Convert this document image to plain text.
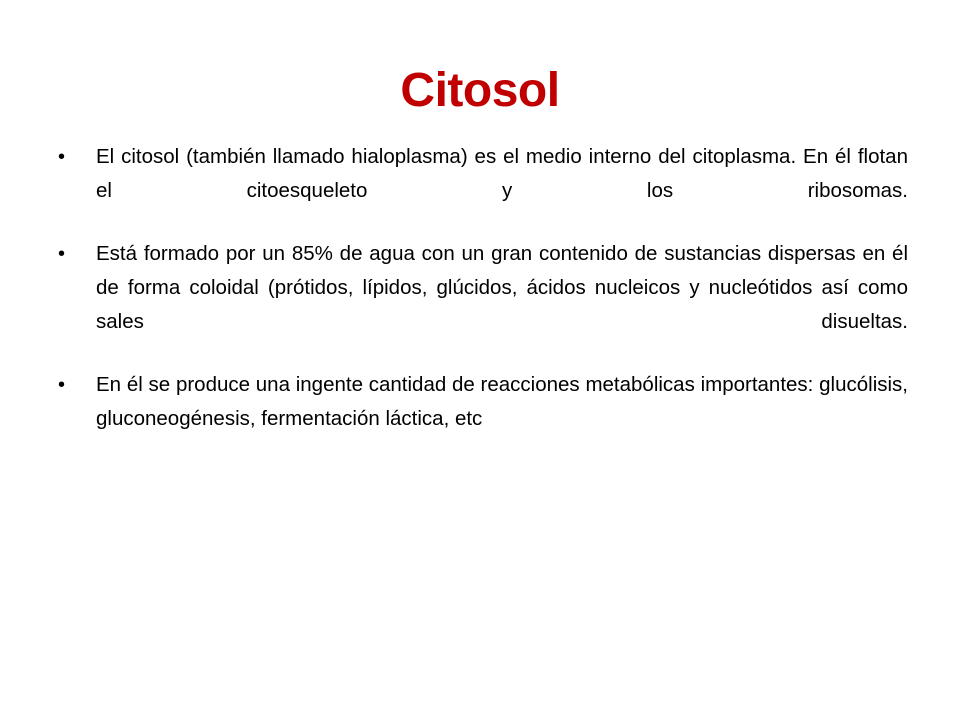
Citosol
•	El citosol (también llamado hialoplasma) es el medio interno del citoplasma. En él flotan el citoesqueleto y los ribosomas.
•	Está formado por un 85% de agua con un gran contenido de sustancias dispersas en él de forma coloidal (prótidos, lípidos, glúcidos, ácidos nucleicos y nucleótidos así como sales disueltas.
•	En él se produce una ingente cantidad de reacciones metabólicas importantes: glucólisis, gluconeogénesis, fermentación láctica, etc
